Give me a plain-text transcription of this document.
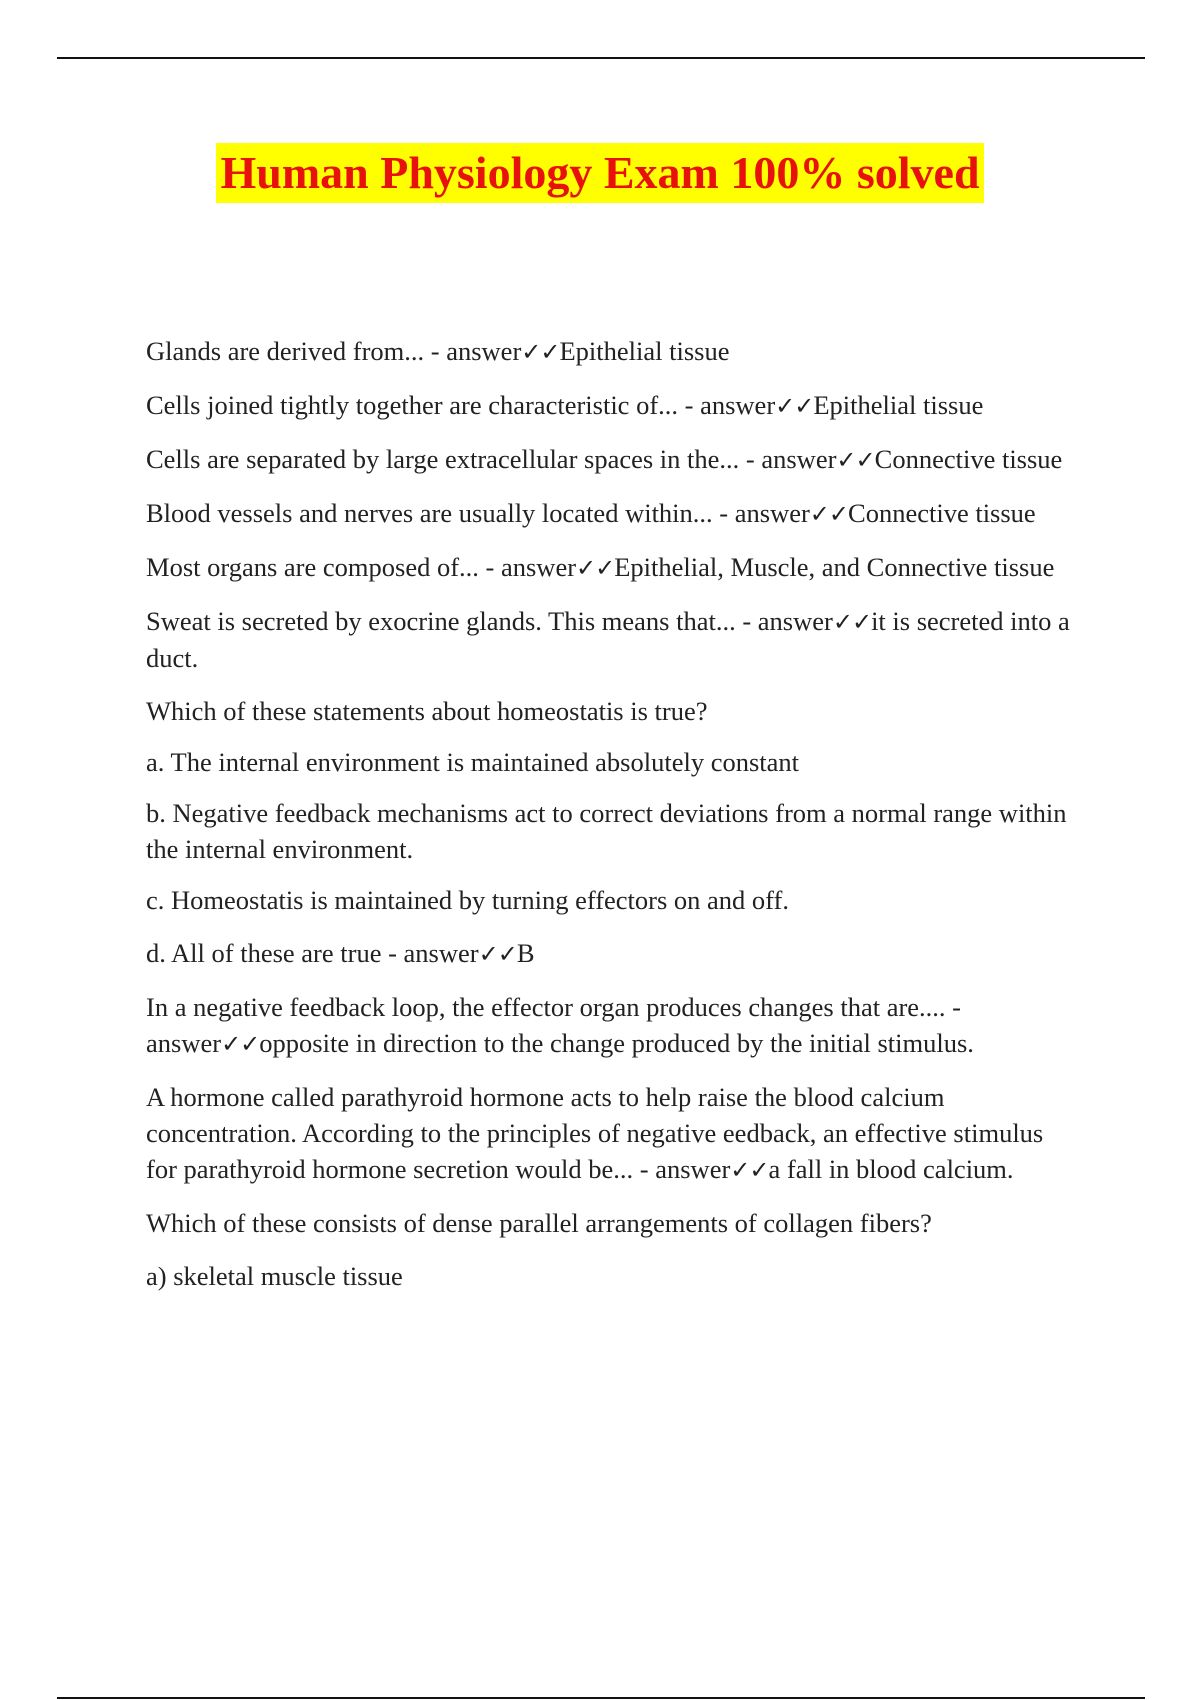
Human Physiology Exam 100% solved

Glands are derived from... - answer✓✓Epithelial tissue

Cells joined tightly together are characteristic of... - answer✓✓Epithelial tissue

Cells are separated by large extracellular spaces in the... - answer✓✓Connective tissue

Blood vessels and nerves are usually located within... - answer✓✓Connective tissue

Most organs are composed of... - answer✓✓Epithelial, Muscle, and Connective tissue

Sweat is secreted by exocrine glands. This means that... - answer✓✓it is secreted into a duct.

Which of these statements about homeostatis is true?

a. The internal environment is maintained absolutely constant

b. Negative feedback mechanisms act to correct deviations from a normal range within the internal environment.

c. Homeostatis is maintained by turning effectors on and off.

d. All of these are true - answer✓✓B

In a negative feedback loop, the effector organ produces changes that are.... - answer✓✓opposite in direction to the change produced by the initial stimulus.

A hormone called parathyroid hormone acts to help raise the blood calcium concentration. According to the principles of negative eedback, an effective stimulus for parathyroid hormone secretion would be... - answer✓✓a fall in blood calcium.

Which of these consists of dense parallel arrangements of collagen fibers?

a) skeletal muscle tissue
